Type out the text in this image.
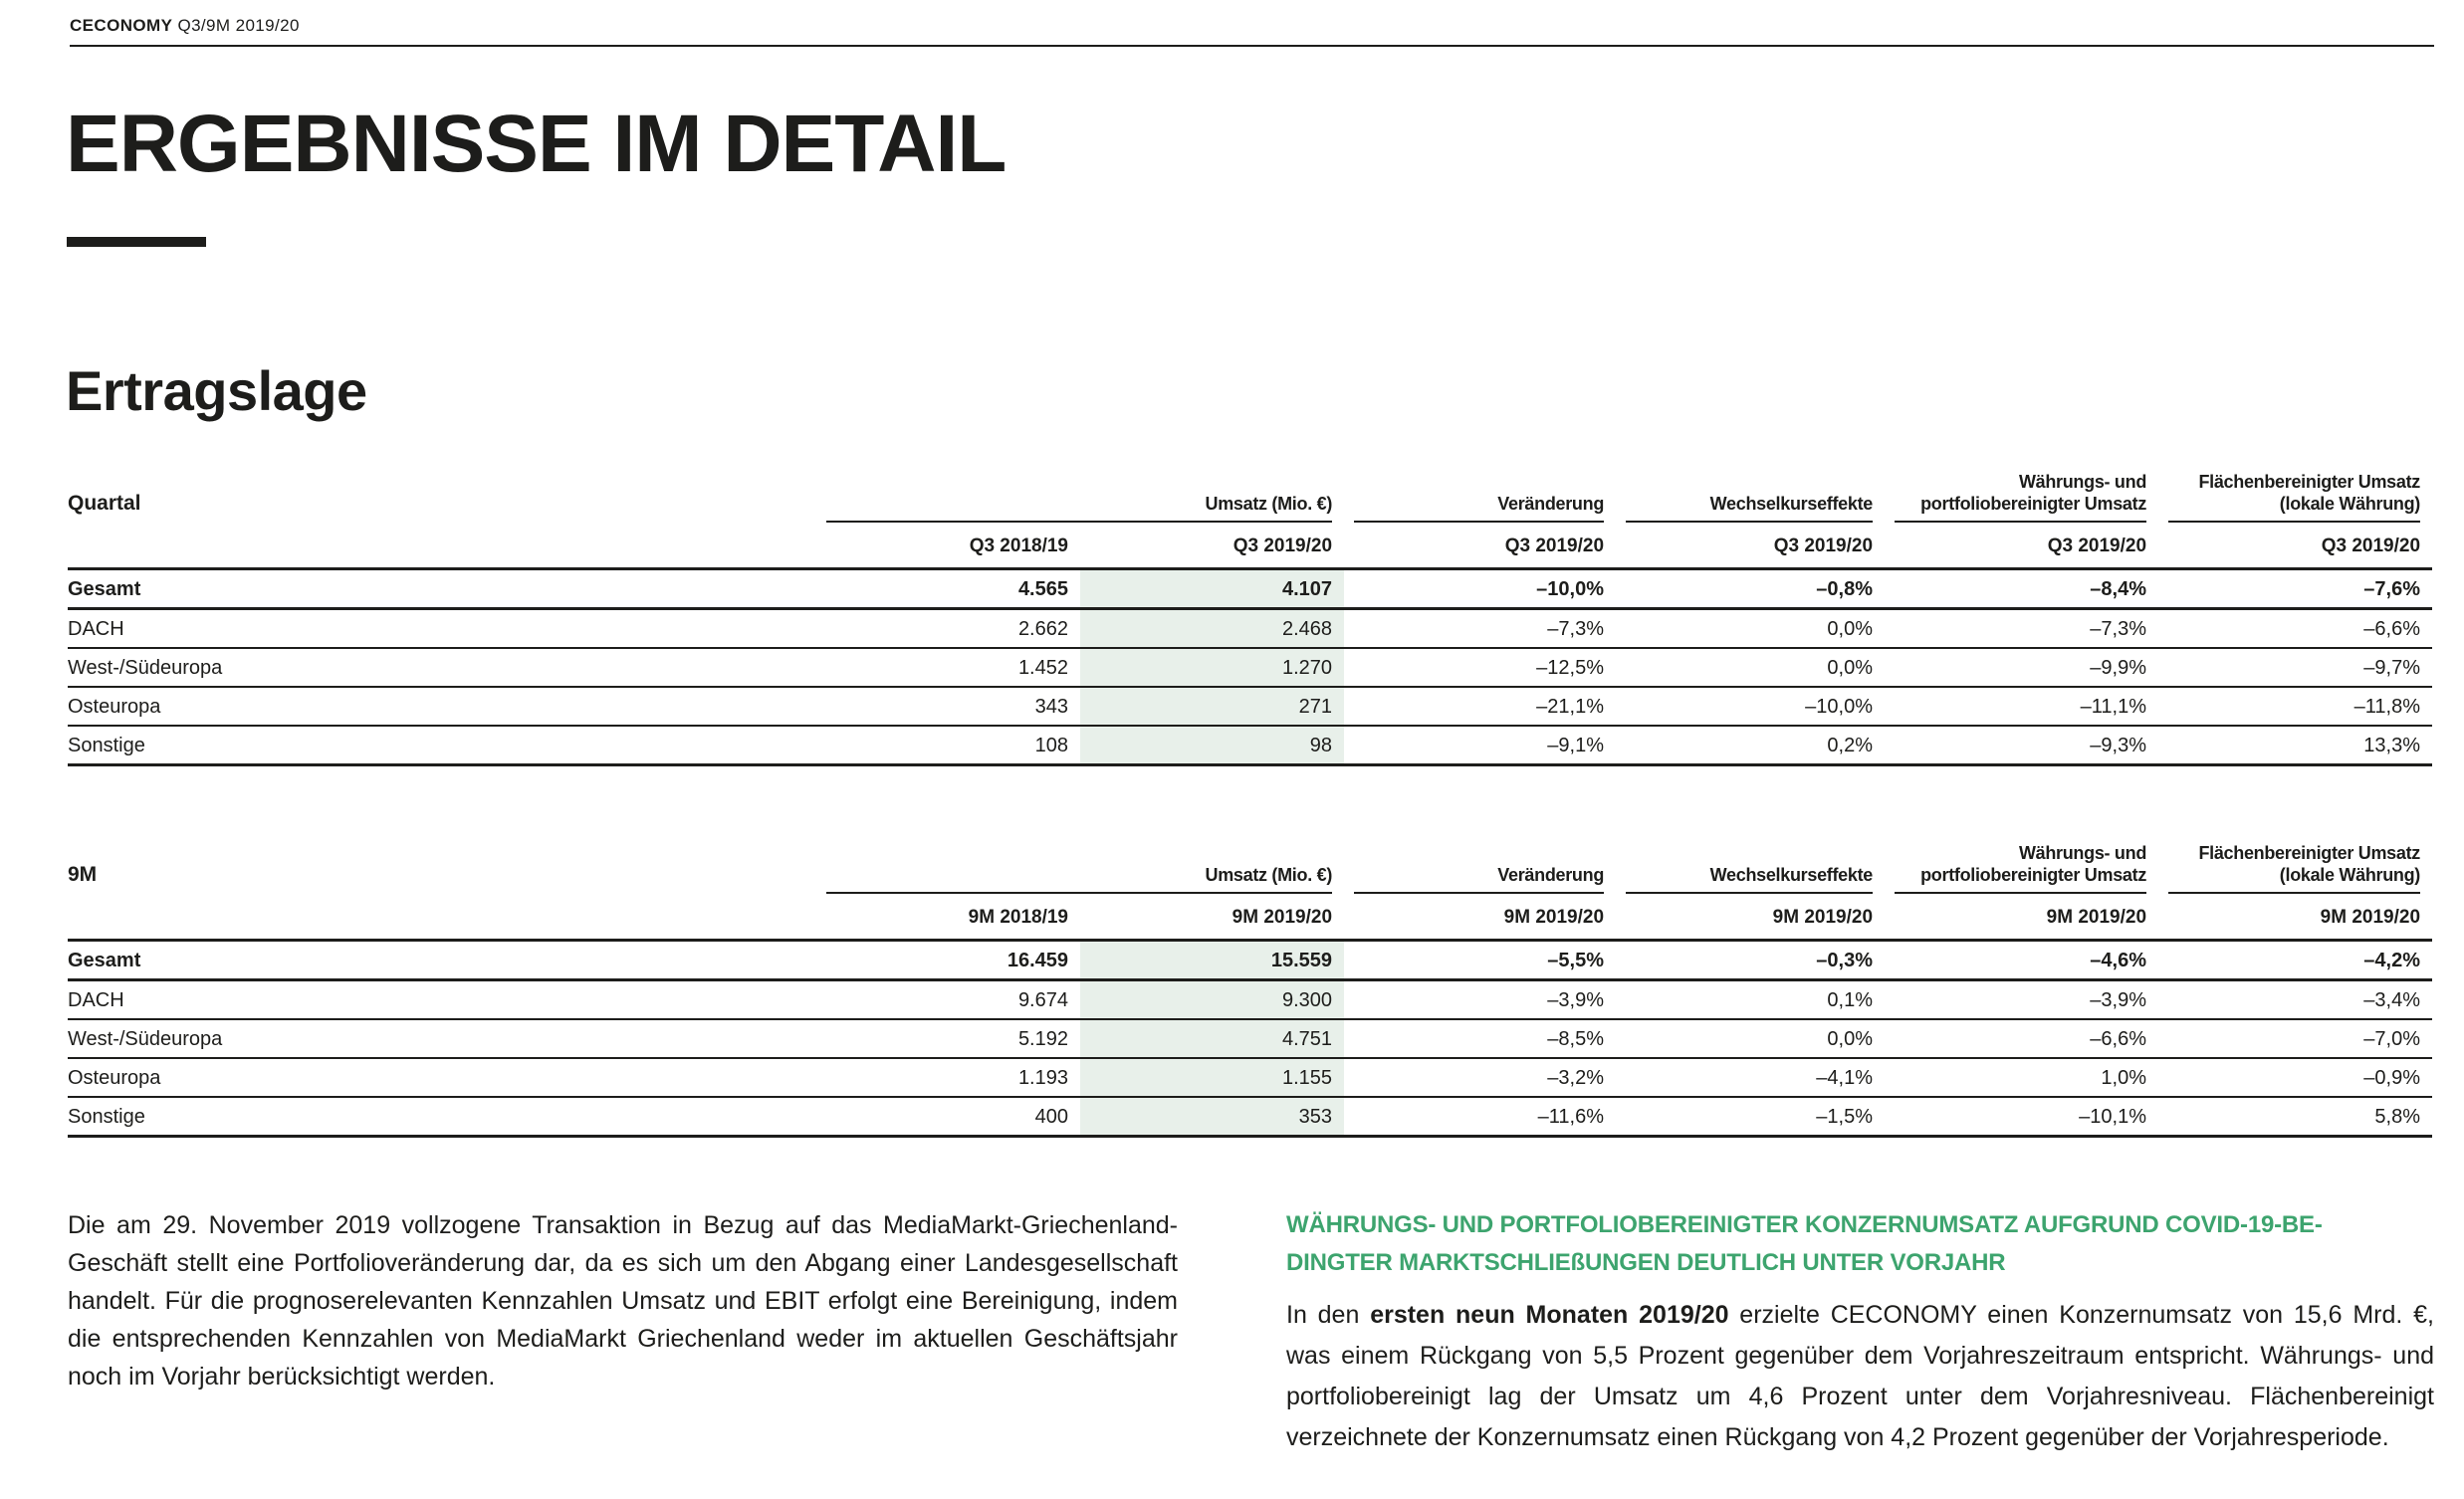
CECONOMY Q3/9M 2019/20
ERGEBNISSE IM DETAIL
Ertragslage
Quartal	Umsatz (Mio. €)		Veränderung	Wechselkurseffekte	Währungs- und portfoliobereinigter Umsatz	Flächenbereinigter Umsatz (lokale Währung)

	Q3 2018/19	Q3 2019/20	Q3 2019/20	Q3 2019/20	Q3 2019/20	Q3 2019/20
Gesamt	4.565	4.107	–10,0%	–0,8%	–8,4%	–7,6%
DACH	2.662	2.468	–7,3%	0,0%	–7,3%	–6,6%
West-/Südeuropa	1.452	1.270	–12,5%	0,0%	–9,9%	–9,7%
Osteuropa	343	271	–21,1%	–10,0%	–11,1%	–11,8%
Sonstige	108	98	–9,1%	0,2%	–9,3%	13,3%
9M	Umsatz (Mio. €)		Veränderung	Wechselkurseffekte	Währungs- und portfoliobereinigter Umsatz	Flächenbereinigter Umsatz (lokale Währung)

	9M 2018/19	9M 2019/20	9M 2019/20	9M 2019/20	9M 2019/20	9M 2019/20
Gesamt	16.459	15.559	–5,5%	–0,3%	–4,6%	–4,2%
DACH	9.674	9.300	–3,9%	0,1%	–3,9%	–3,4%
West-/Südeuropa	5.192	4.751	–8,5%	0,0%	–6,6%	–7,0%
Osteuropa	1.193	1.155	–3,2%	–4,1%	1,0%	–0,9%
Sonstige	400	353	–11,6%	–1,5%	–10,1%	5,8%
Die am 29. November 2019 vollzogene Transaktion in Bezug auf das MediaMarkt-Griechenland-Geschäft stellt eine Portfolioveränderung dar, da es sich um den Abgang einer Landesgesellschaft handelt. Für die prognoserelevanten Kennzahlen Umsatz und EBIT erfolgt eine Bereinigung, indem die entsprechenden Kennzahlen von MediaMarkt Griechenland weder im aktuellen Geschäftsjahr noch im Vorjahr berücksichtigt werden.
WÄHRUNGS- UND PORTFOLIOBEREINIGTER KONZERNUMSATZ AUFGRUND COVID-19-BE-
DINGTER MARKTSCHLIEßUNGEN DEUTLICH UNTER VORJAHR

In den ersten neun Monaten 2019/20 erzielte CECONOMY einen Konzernumsatz von 15,6 Mrd. €, was einem Rückgang von 5,5 Prozent gegenüber dem Vorjahreszeitraum entspricht. Währungs- und portfoliobereinigt lag der Umsatz um 4,6 Prozent unter dem Vorjahresniveau. Flächenbereinigt verzeichnete der Konzernumsatz einen Rückgang von 4,2 Prozent gegenüber der Vorjahresperiode.
